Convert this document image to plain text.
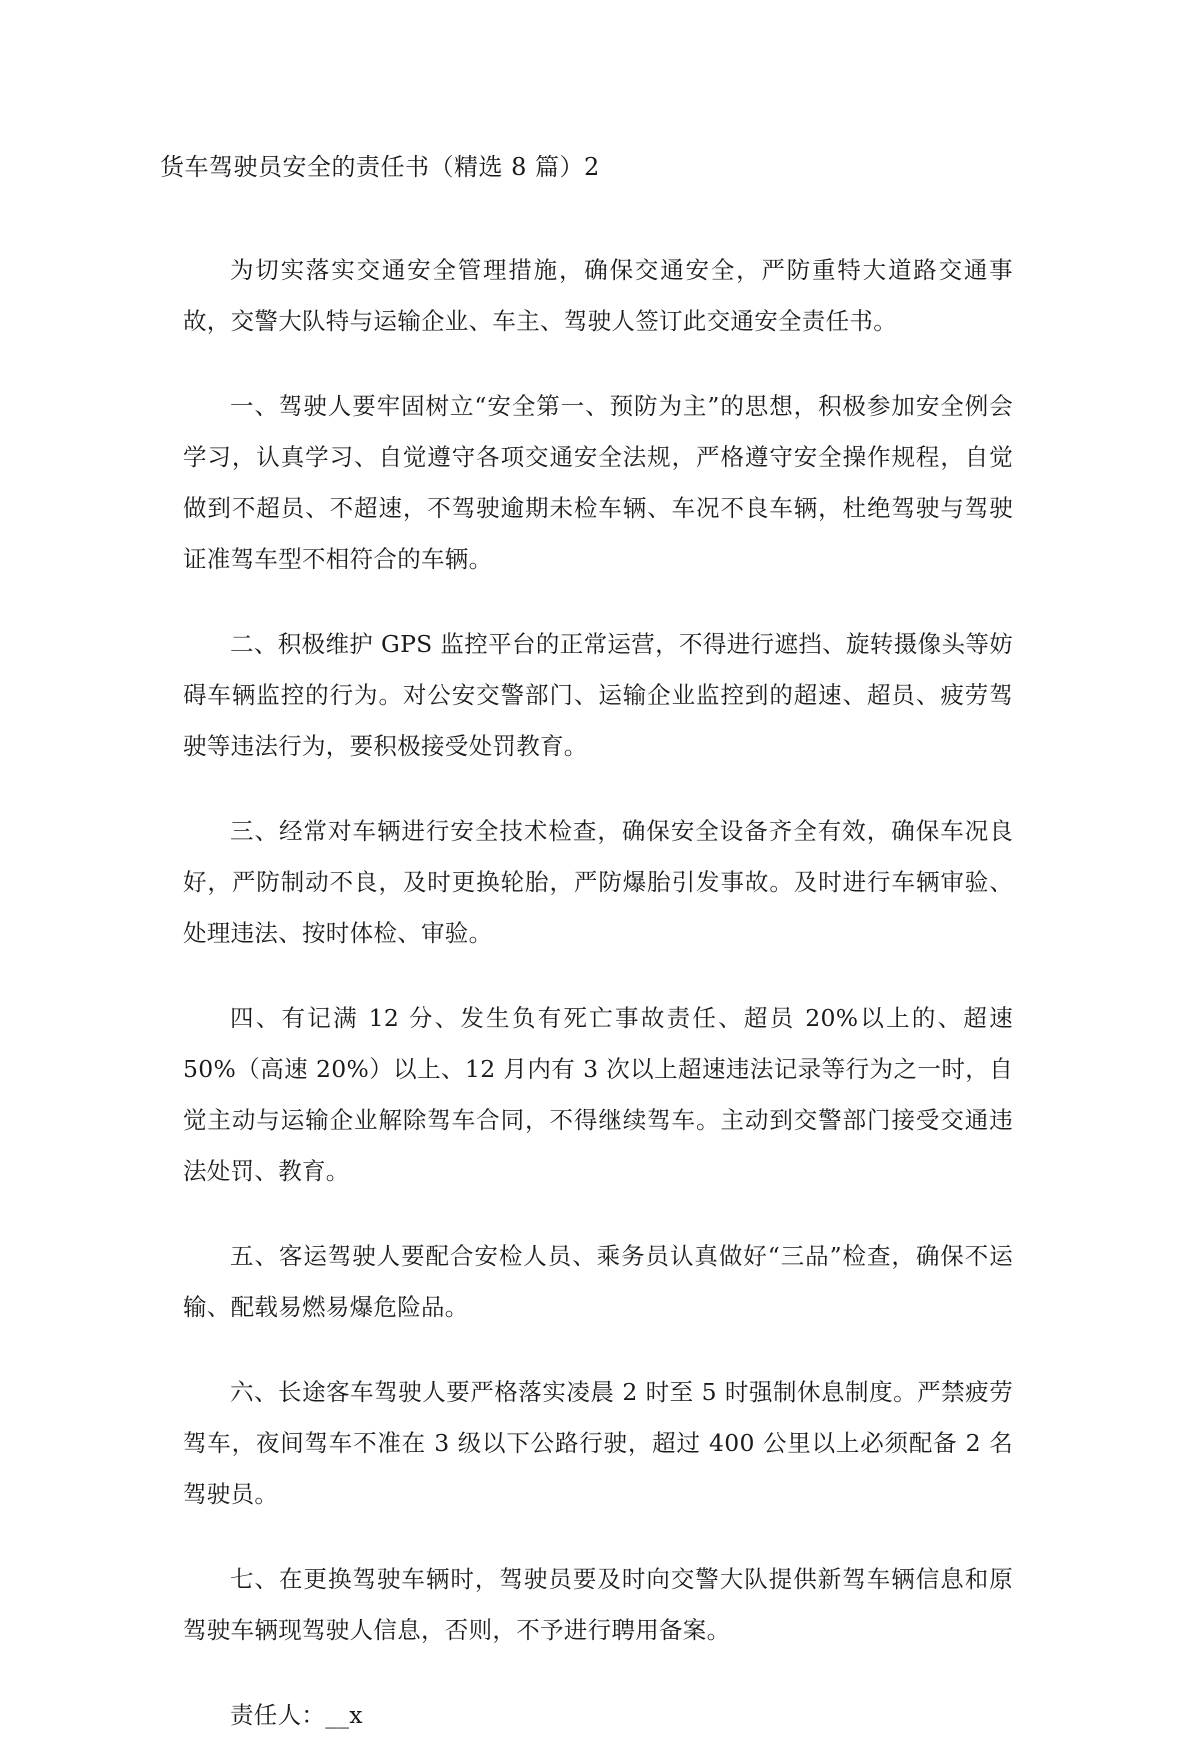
货车驾驶员安全的责任书（精选 8 篇）2

为切实落实交通安全管理措施，确保交通安全，严防重特大道路交通事故，交警大队特与运输企业、车主、驾驶人签订此交通安全责任书。

一、驾驶人要牢固树立“安全第一、预防为主”的思想，积极参加安全例会学习，认真学习、自觉遵守各项交通安全法规，严格遵守安全操作规程，自觉做到不超员、不超速，不驾驶逾期未检车辆、车况不良车辆，杜绝驾驶与驾驶证准驾车型不相符合的车辆。

二、积极维护 GPS 监控平台的正常运营，不得进行遮挡、旋转摄像头等妨碍车辆监控的行为。对公安交警部门、运输企业监控到的超速、超员、疲劳驾驶等违法行为，要积极接受处罚教育。

三、经常对车辆进行安全技术检查，确保安全设备齐全有效，确保车况良好，严防制动不良，及时更换轮胎，严防爆胎引发事故。及时进行车辆审验、处理违法、按时体检、审验。

四、有记满 12 分、发生负有死亡事故责任、超员 20%以上的、超速 50%（高速 20%）以上、12 月内有 3 次以上超速违法记录等行为之一时，自觉主动与运输企业解除驾车合同，不得继续驾车。主动到交警部门接受交通违法处罚、教育。

五、客运驾驶人要配合安检人员、乘务员认真做好“三品”检查，确保不运输、配载易燃易爆危险品。

六、长途客车驾驶人要严格落实凌晨 2 时至 5 时强制休息制度。严禁疲劳驾车，夜间驾车不准在 3 级以下公路行驶，超过 400 公里以上必须配备 2 名驾驶员。

七、在更换驾驶车辆时，驾驶员要及时向交警大队提供新驾车辆信息和原驾驶车辆现驾驶人信息，否则，不予进行聘用备案。

责任人：__x
